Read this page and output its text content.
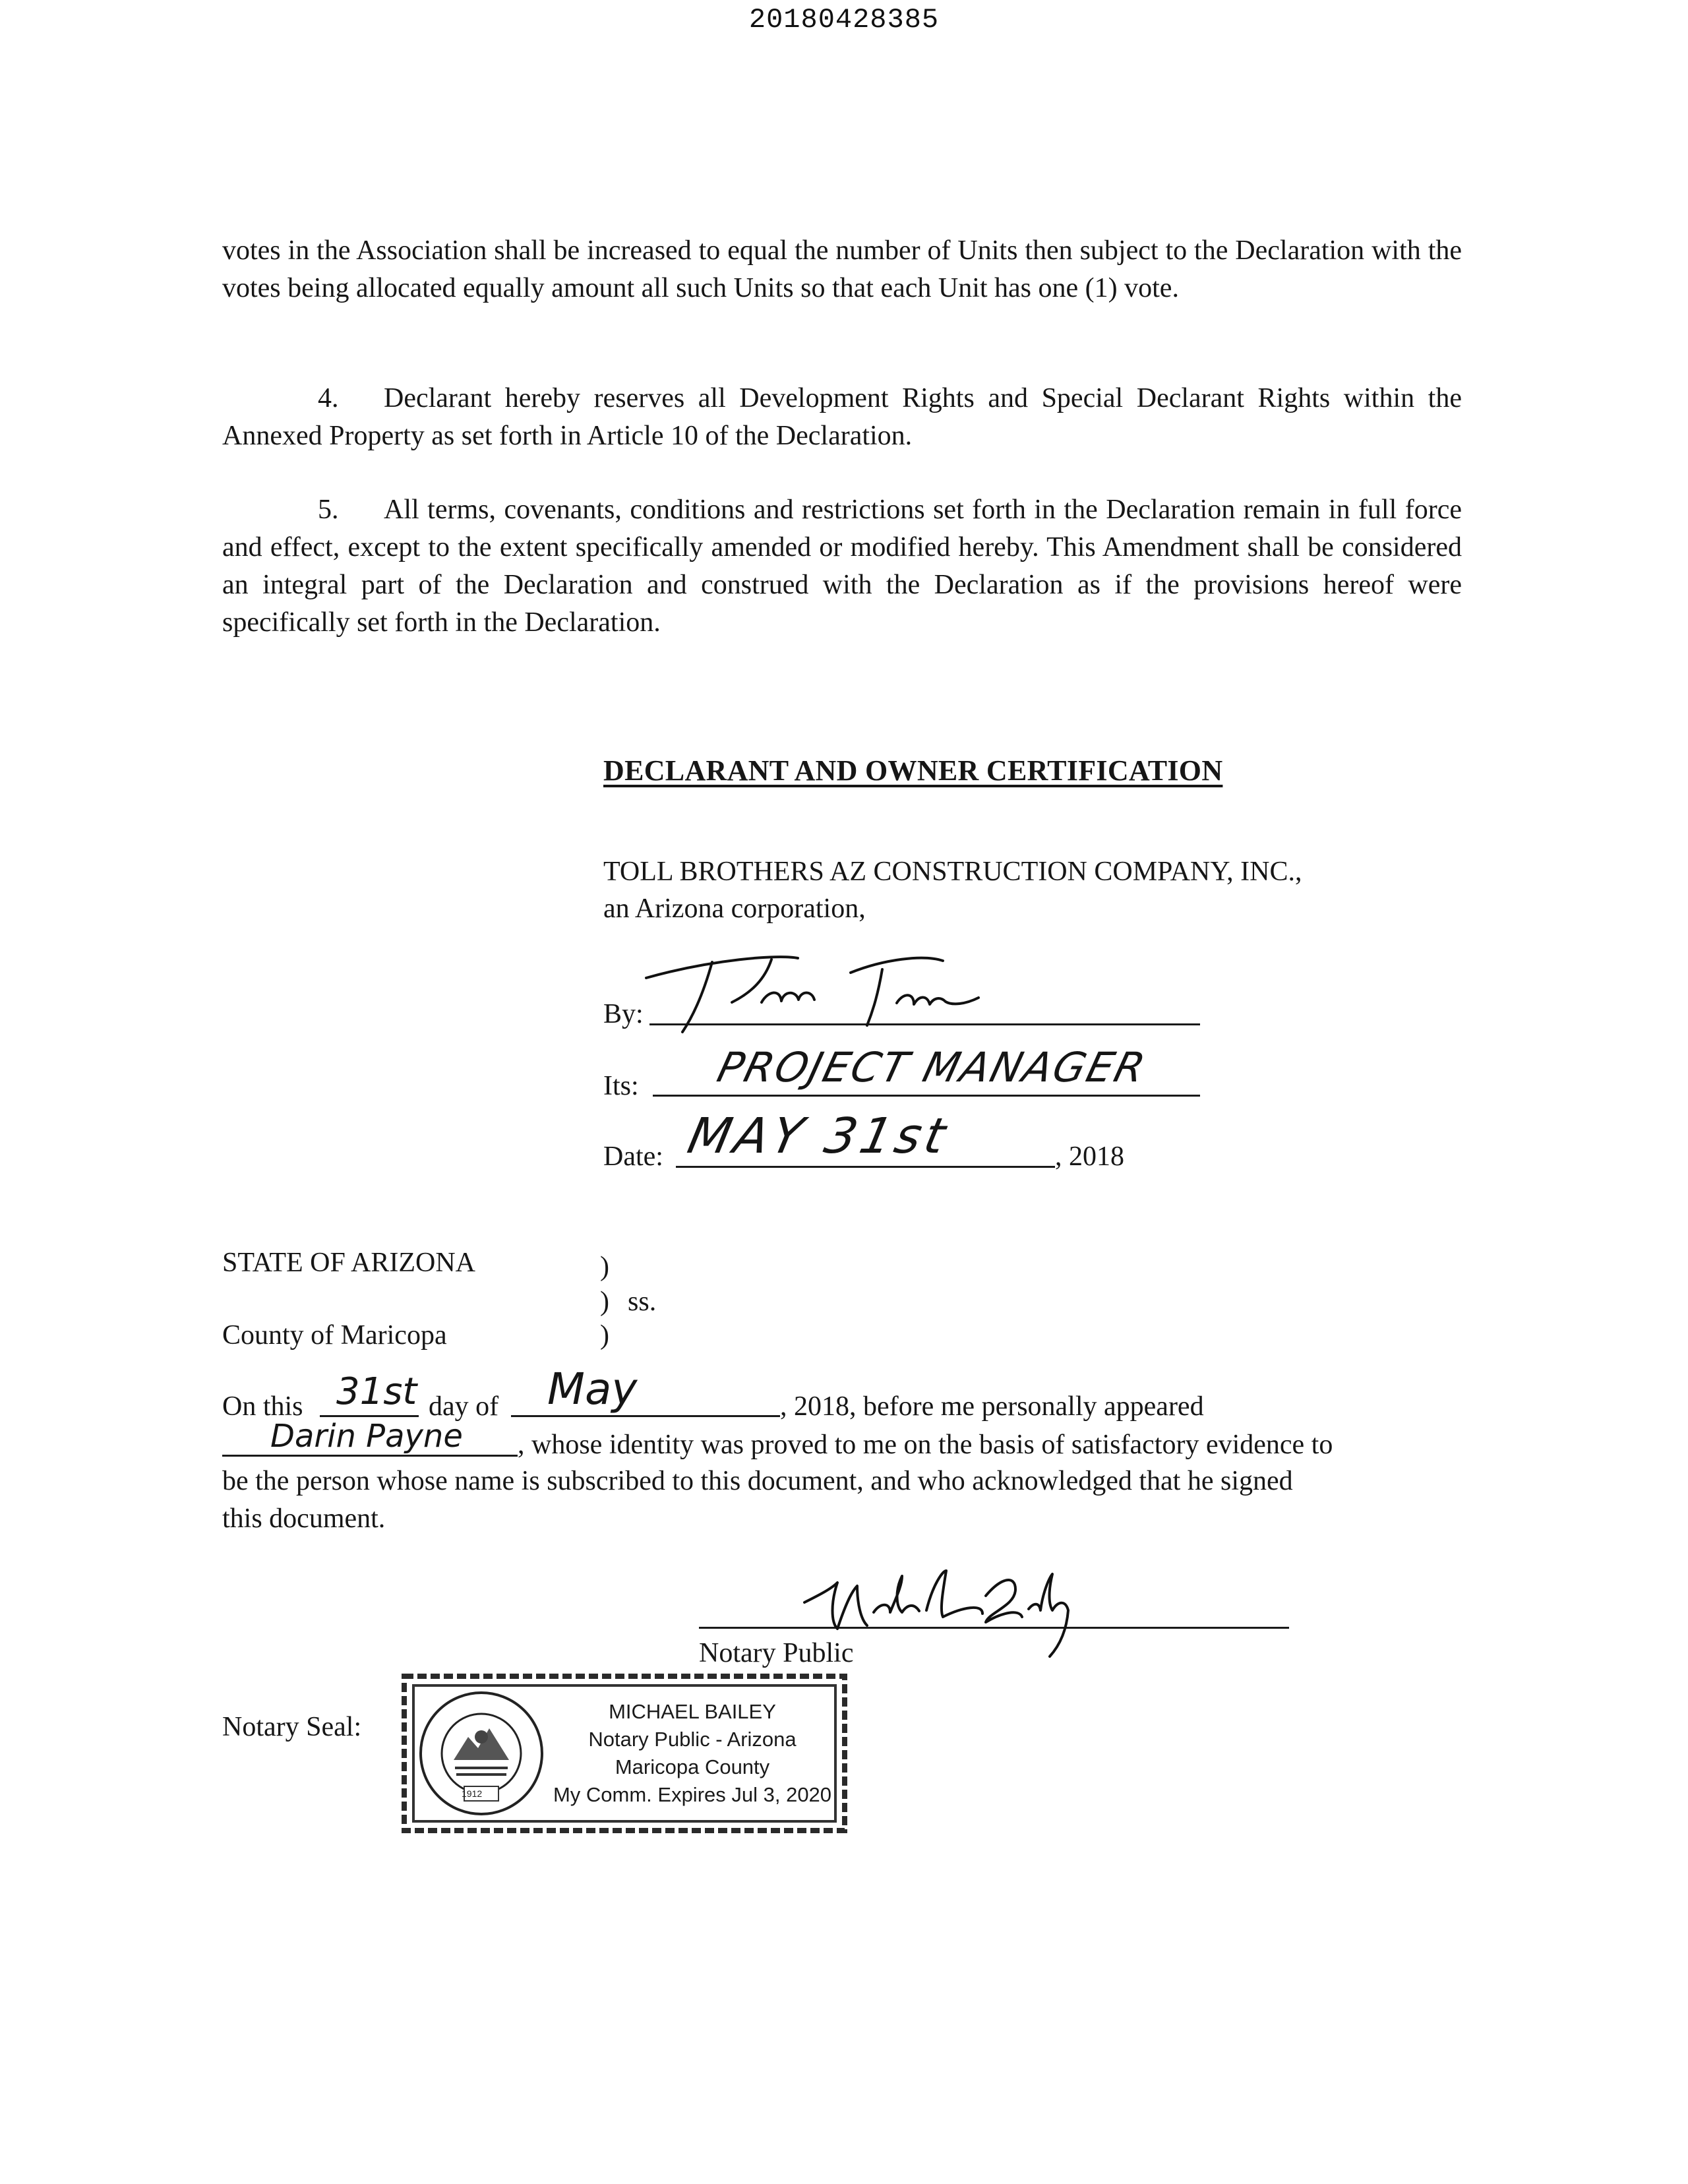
20180428385
votes in the Association shall be increased to equal the number of Units then subject to the Declaration with the votes being allocated equally amount all such Units so that each Unit has one (1) vote.
4. Declarant hereby reserves all Development Rights and Special Declarant Rights within the Annexed Property as set forth in Article 10 of the Declaration.
5. All terms, covenants, conditions and restrictions set forth in the Declaration remain in full force and effect, except to the extent specifically amended or modified hereby. This Amendment shall be considered an integral part of the Declaration and construed with the Declaration as if the provisions hereof were specifically set forth in the Declaration.
DECLARANT AND OWNER CERTIFICATION
TOLL BROTHERS AZ CONSTRUCTION COMPANY, INC.,
an Arizona corporation,
By:
Its: PROJECT MANAGER
Date: MAY 31st	, 2018
STATE OF ARIZONA	)
) ss.
)
County of Maricopa
On this 31st day of May	, 2018, before me personally appeared
Darin Payne , whose identity was proved to me on the basis of satisfactory evidence to
be the person whose name is subscribed to this document, and who acknowledged that he signed
this document.
Notary Public
Notary Seal:
1912
MICHAEL BAILEY
Notary Public - Arizona
Maricopa County
My Comm. Expires Jul 3, 2020
